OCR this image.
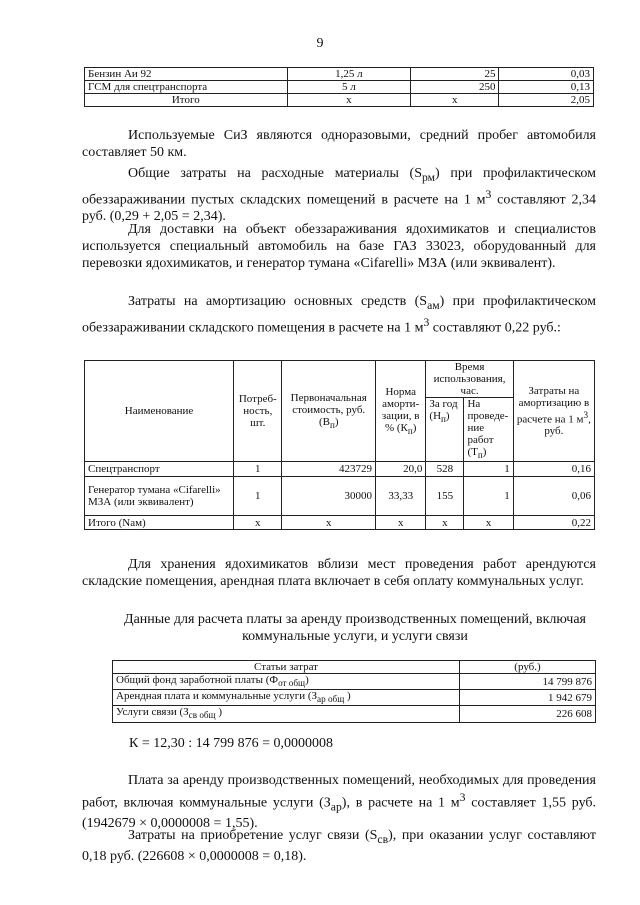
9
Бензин Аи 92	1,25 л	25	0,03
ГСМ для спецтранспорта	5 л	250	0,13
Итого	х	х	2,05

Используемые СиЗ являются одноразовыми, средний пробег автомобиля составляет 50 км.

Общие затраты на расходные материалы $(S_{рм})$ при профилактическом обеззараживании пустых складских помещений в расчете на 1 $м^3$ составляют 2,34 руб. (0,29 + 2,05 = 2,34).

Для доставки на объект обеззараживания ядохимикатов и специалистов используется специальный автомобиль на базе ГАЗ 33023, оборудованный для перевозки ядохимикатов, и генератор тумана «Cifarelli» МЗА (или эквивалент).

Затраты на амортизацию основных средств $(S_{ам})$ при профилактическом обеззараживании складского помещения в расчете на 1 $м^3$ составляют 0,22 руб.:

Наименование	Потреб-ность, шт.	Первоначальная стоимость, руб. $(В_п)$	Норма аморти-зации, в % $(К_п)$	Время использования, час.		Затраты на амортизацию в расчете на 1 $м^3$, руб.
				За год $(Н_п)$	На проведе-ние работ $(Т_п)$	
Спецтранспорт	1	423729	20,0	528	1	0,16
Генератор тумана «Cifarelli» МЗА (или эквивалент)	1	30000	33,33	155	1	0,06
Итого (Nам)	х	х	х	х	х	0,22

Для хранения ядохимикатов вблизи мест проведения работ арендуются складские помещения, арендная плата включает в себя оплату коммунальных услуг.

Данные для расчета платы за аренду производственных помещений, включая коммунальные услуги, и услуги связи

Статьи затрат	(руб.)
Общий фонд заработной платы $(Ф_{от общ})$	14 799 876
Арендная плата и коммунальные услуги ($З_{ар общ}$ )	1 942 679
Услуги связи ($З_{св общ}$ )	226 608
К = 12,30 : 14 799 876 = 0,0000008

Плата за аренду производственных помещений, необходимых для проведения работ, включая коммунальные услуги $(З_{ар})$, в расчете на 1 $м^3$ составляет 1,55 руб. (1942679 × 0,0000008 = 1,55).

Затраты на приобретение услуг связи $(S_{св})$, при оказании услуг составляют 0,18 руб. (226608 × 0,0000008 = 0,18).
